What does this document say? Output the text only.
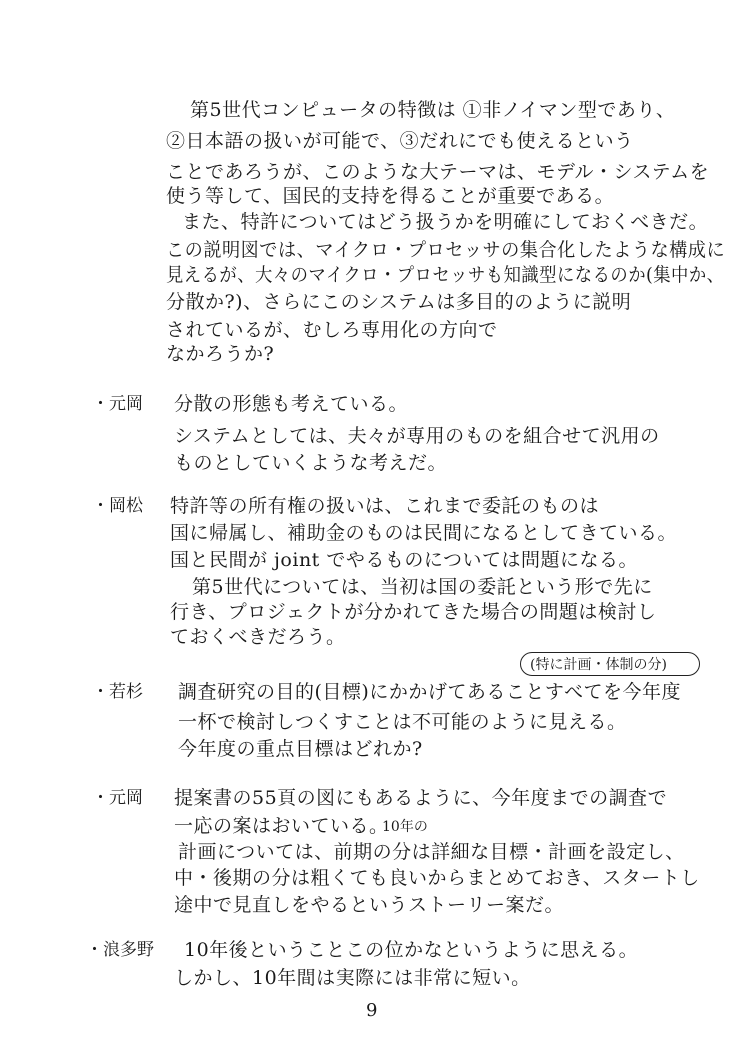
第5世代コンピュータの特徴は ①非ノイマン型であり、
②日本語の扱いが可能で、③だれにでも使えるという
ことであろうが、このような大テーマは、モデル・システムを
使う等して、国民的支持を得ることが重要である。
また、特許についてはどう扱うかを明確にしておくべきだ。
この説明図では、マイクロ・プロセッサの集合化したような構成に
見えるが、大々のマイクロ・プロセッサも知識型になるのか(集中か、
分散か?)、さらにこのシステムは多目的のように説明
されているが、むしろ専用化の方向で
なかろうか?
・元岡 分散の形態も考えている。
システムとしては、夫々が専用のものを組合せて汎用の
ものとしていくような考えだ。
・岡松 特許等の所有権の扱いは、これまで委託のものは
国に帰属し、補助金のものは民間になるとしてきている。
国と民間が joint でやるものについては問題になる。
第5世代については、当初は国の委託という形で先に
行き、プロジェクトが分かれてきた場合の問題は検討し
ておくべきだろう。
(特に計画・体制の分)
・若杉 調査研究の目的(目標)にかかげてあることすべてを今年度
一杯で検討しつくすことは不可能のように見える。
今年度の重点目標はどれか?
・元岡 提案書の55頁の図にもあるように、今年度までの調査で
一応の案はおいている。
10年の
計画については、前期の分は詳細な目標・計画を設定し、
中・後期の分は粗くても良いからまとめておき、スタートし
途中で見直しをやるというストーリー案だ。
・浪多野 10年後ということこの位かなというように思える。
しかし、10年間は実際には非常に短い。
9
